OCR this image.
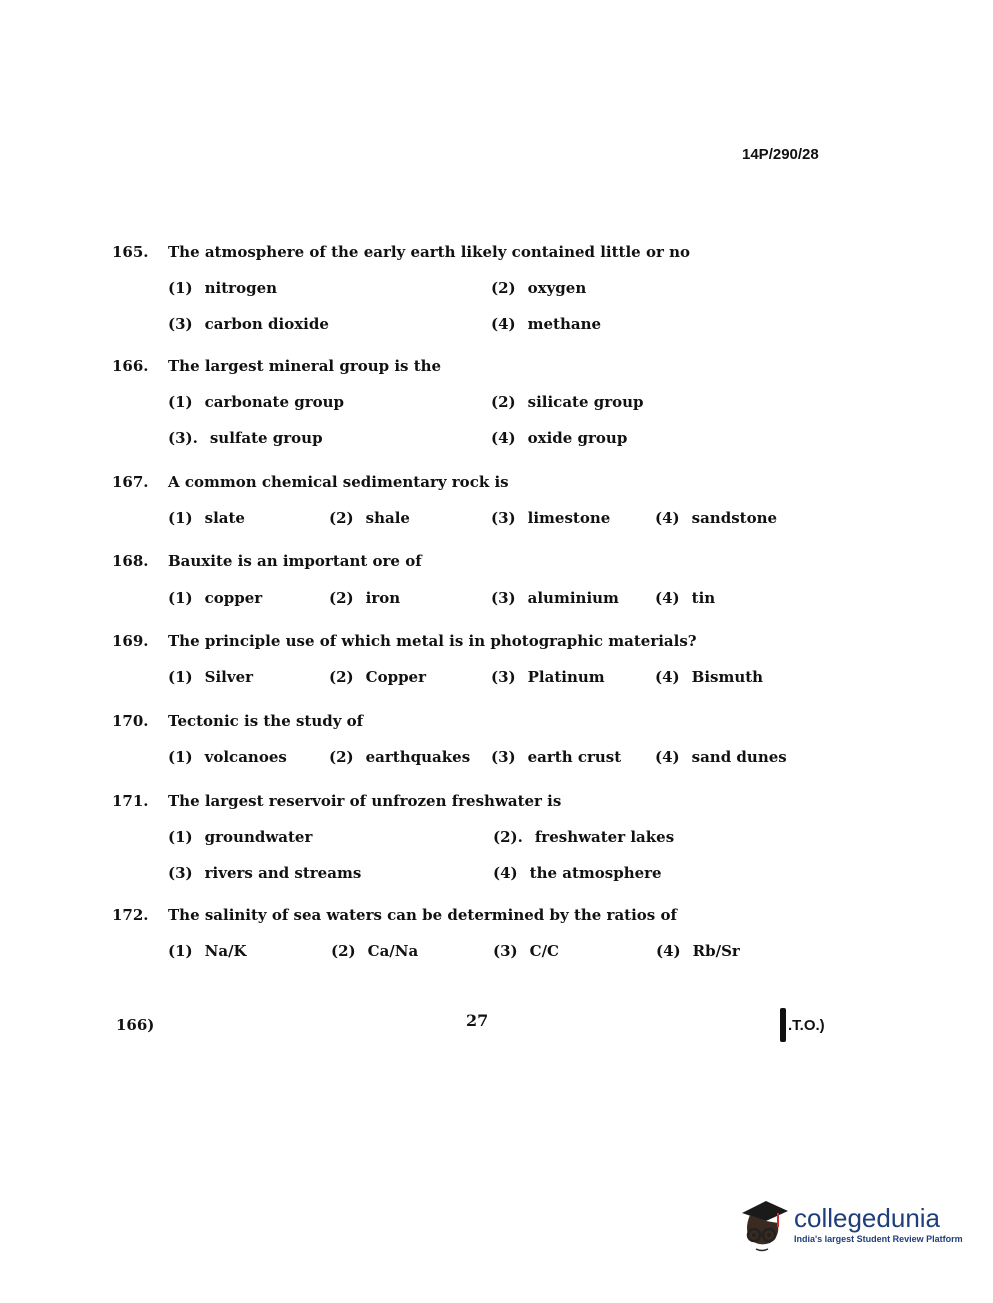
14P/290/28
165.	The atmosphere of the early earth likely contained little or no
(1) nitrogen	(2) oxygen
(3) carbon dioxide	(4) methane
166.	The largest mineral group is the
(1) carbonate group	(2) silicate group
(3). sulfate group	(4) oxide group
167.	A common chemical sedimentary rock is
(1) slate	(2) shale	(3) limestone	(4) sandstone
168.	Bauxite is an important ore of
(1) copper	(2) iron	(3) aluminium (4) tin
169.	The principle use of which metal is in photographic materials?
(1) Silver	(2) Copper	(3) Platinum	(4) Bismuth
170.	Tectonic is the study of
(1) volcanoes	(2) earthquakes (3) earth crust (4) sand dunes
171.	The largest reservoir of unfrozen freshwater is
(1) groundwater	(2). freshwater lakes
(3) rivers and streams	(4) the atmosphere
172.	The salinity of sea waters can be determined by the ratios of
(1) Na/K	(2) Ca/Na	(3) C/C	(4) Rb/Sr
166)	27	.T.O.)
collegedunia
India's largest Student Review Platform
